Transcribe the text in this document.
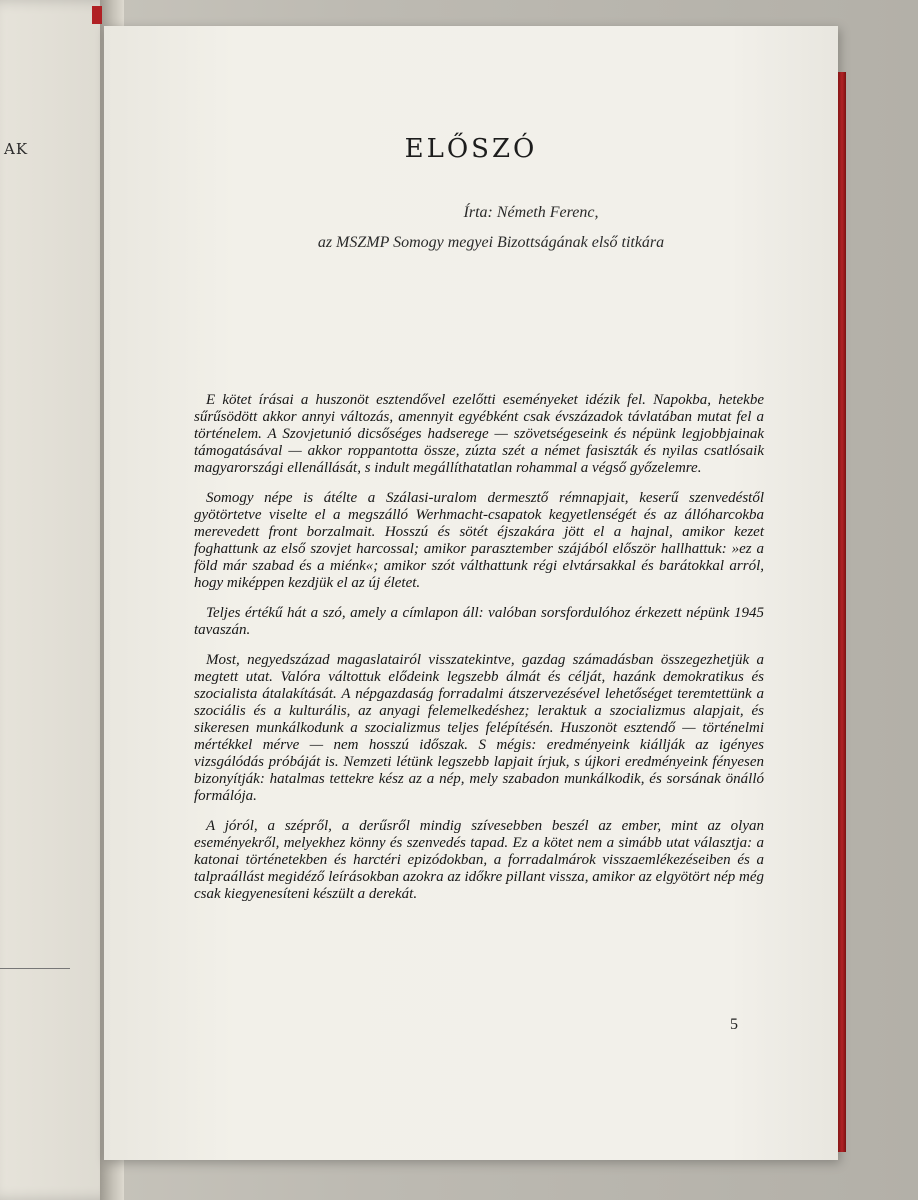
AK	ELŐSZÓ
Írta: Németh Ferenc,
az MSZMP Somogy megyei Bizottságának első titkára

E kötet írásai a huszonöt esztendővel ezelőtti eseményeket idézik fel. Napokba, hetekbe sűrűsödött akkor annyi változás, amennyit egyébként csak évszázadok távlatában mutat fel a történelem. A Szovjetunió dicsőséges hadserege — szövetségeseink és népünk legjobbjainak támogatásával — akkor roppantotta össze, zúzta szét a német fasiszták és nyilas csatlósaik magyarországi ellenállását, s indult megállíthatatlan rohammal a végső győzelemre.

Somogy népe is átélte a Szálasi-uralom dermesztő rémnapjait, keserű szenvedéstől gyötörtetve viselte el a megszálló Werhmacht-csapatok kegyetlenségét és az állóharcokba merevedett front borzalmait. Hosszú és sötét éjszakára jött el a hajnal, amikor kezet foghattunk az első szovjet harcossal; amikor parasztember szájából először hallhattuk: »ez a föld már szabad és a miénk«; amikor szót válthattunk régi elvtársakkal és barátokkal arról, hogy miképpen kezdjük el az új életet.

Teljes értékű hát a szó, amely a címlapon áll: valóban sorsfordulóhoz érkezett népünk 1945 tavaszán.

Most, negyedszázad magaslatairól visszatekintve, gazdag számadásban összegezhetjük a megtett utat. Valóra váltottuk elődeink legszebb álmát és célját, hazánk demokratikus és szocialista átalakítását. A népgazdaság forradalmi átszervezésével lehetőséget teremtettünk a szociális és a kulturális, az anyagi felemelkedéshez; leraktuk a szocializmus alapjait, és sikeresen munkálkodunk a szocializmus teljes felépítésén. Huszonöt esztendő — történelmi mértékkel mérve — nem hosszú időszak. S mégis: eredményeink kiállják az igényes vizsgálódás próbáját is. Nemzeti létünk legszebb lapjait írjuk, s újkori eredményeink fényesen bizonyítják: hatalmas tettekre kész az a nép, mely szabadon munkálkodik, és sorsának önálló formálója.

A jóról, a szépről, a derűsről mindig szívesebben beszél az ember, mint az olyan eseményekről, melyekhez könny és szenvedés tapad. Ez a kötet nem a simább utat választja: a katonai történetekben és harctéri epizódokban, a forradalmárok visszaemlékezéseiben és a talpraállást megidéző leírásokban azokra az időkre pillant vissza, amikor az elgyötört nép még csak kiegyenesíteni készült a derekát.

5
